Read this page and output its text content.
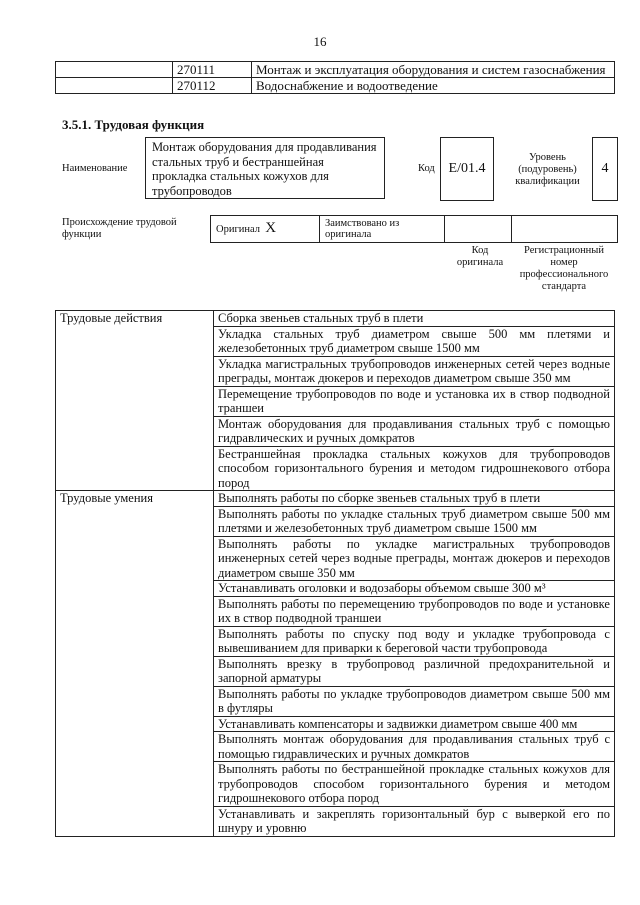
16
	270111	Монтаж и эксплуатация оборудования и систем газоснабжения
	270112	Водоснабжение и водоотведение
3.5.1. Трудовая функция
Наименование
Монтаж оборудования для продавливания стальных труб и бестраншейная прокладка стальных кожухов для трубопроводов
Код E/01.4
Уровень (подуровень) квалификации
4
Происхождение трудовой функции	Оригинал X	Заимствовано из оригинала		
Код оригинала
Регистрационный номер профессионального стандарта
Трудовые действия	Сборка звеньев стальных труб в плети
	Укладка стальных труб диаметром свыше 500 мм плетями и железобетонных труб диаметром свыше 1500 мм
	Укладка магистральных трубопроводов инженерных сетей через водные преграды, монтаж дюкеров и переходов диаметром свыше 350 мм
	Перемещение трубопроводов по воде и установка их в створ подводной траншеи
	Монтаж оборудования для продавливания стальных труб с помощью гидравлических и ручных домкратов
	Бестраншейная прокладка стальных кожухов для трубопроводов способом горизонтального бурения и методом гидрошнекового отбора пород
Трудовые умения	Выполнять работы по сборке звеньев стальных труб в плети
	Выполнять работы по укладке стальных труб диаметром свыше 500 мм плетями и железобетонных труб диаметром свыше 1500 мм
	Выполнять работы по укладке магистральных трубопроводов инженерных сетей через водные преграды, монтаж дюкеров и переходов диаметром свыше 350 мм
	Устанавливать оголовки и водозаборы объемом свыше 300 м³
	Выполнять работы по перемещению трубопроводов по воде и установке их в створ подводной траншеи
	Выполнять работы по спуску под воду и укладке трубопровода с вывешиванием для приварки к береговой части трубопровода
	Выполнять врезку в трубопровод различной предохранительной и запорной арматуры
	Выполнять работы по укладке трубопроводов диаметром свыше 500 мм в футляры
	Устанавливать компенсаторы и задвижки диаметром свыше 400 мм
	Выполнять монтаж оборудования для продавливания стальных труб с помощью гидравлических и ручных домкратов
	Выполнять работы по бестраншейной прокладке стальных кожухов для трубопроводов способом горизонтального бурения и методом гидрошнекового отбора пород
	Устанавливать и закреплять горизонтальный бур с выверкой его по шнуру и уровню
